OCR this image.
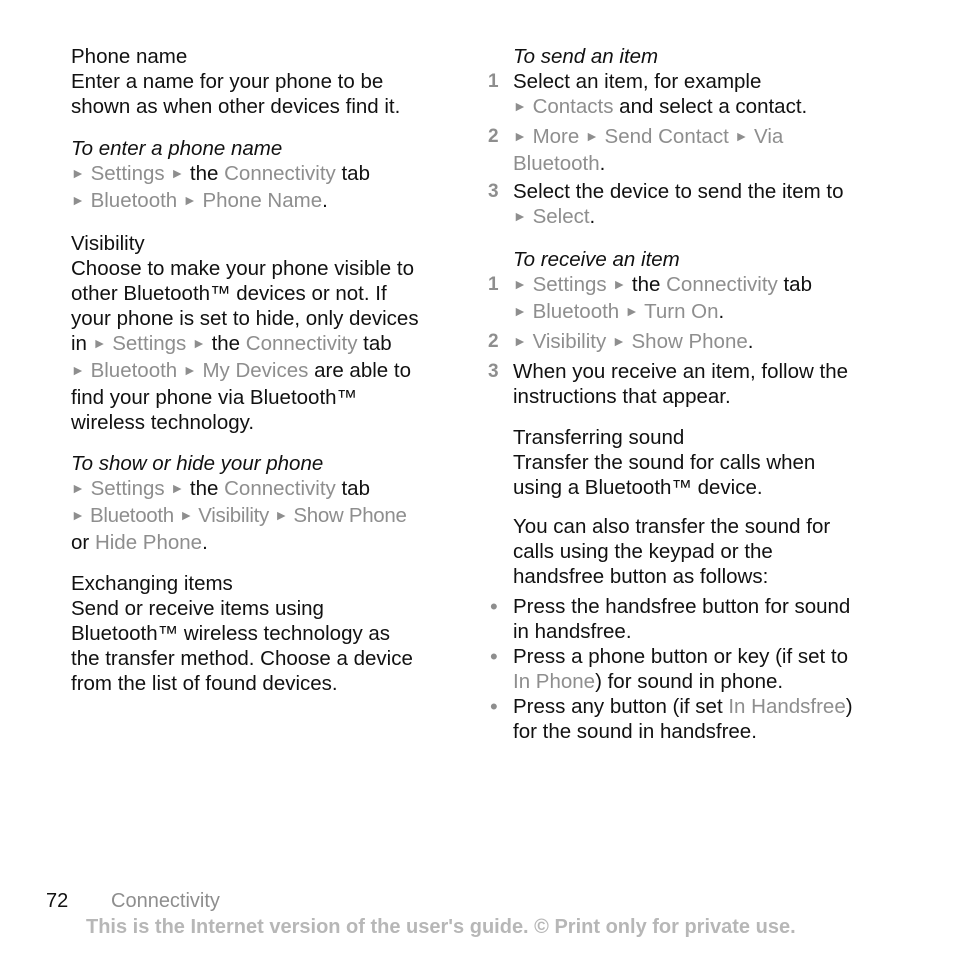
Phone name
Enter a name for your phone to be
shown as when other devices find it.
To enter a phone name
► Settings ► the Connectivity tab
► Bluetooth ► Phone Name.
Visibility
Choose to make your phone visible to
other Bluetooth™ devices or not. If
your phone is set to hide, only devices
in ► Settings ► the Connectivity tab
► Bluetooth ► My Devices are able to
find your phone via Bluetooth™
wireless technology.
To show or hide your phone
► Settings ► the Connectivity tab
► Bluetooth ► Visibility ► Show Phone
or Hide Phone.
Exchanging items
Send or receive items using
Bluetooth™ wireless technology as
the transfer method. Choose a device
from the list of found devices.
To send an item
1 Select an item, for example
► Contacts and select a contact.
2	► More ► Send Contact ► Via
Bluetooth.
3 Select the device to send the item to
► Select.
To receive an item
1	► Settings ► the Connectivity tab
► Bluetooth ► Turn On.
2	► Visibility ► Show Phone.
3 When you receive an item, follow the
instructions that appear.
Transferring sound
Transfer the sound for calls when
using a Bluetooth™ device.
You can also transfer the sound for
calls using the keypad or the
handsfree button as follows:
• Press the handsfree button for sound
in handsfree.
• Press a phone button or key (if set to
In Phone) for sound in phone.
• Press any button (if set In Handsfree)
for the sound in handsfree.
72 Connectivity
This is the Internet version of the user's guide. © Print only for private use.
